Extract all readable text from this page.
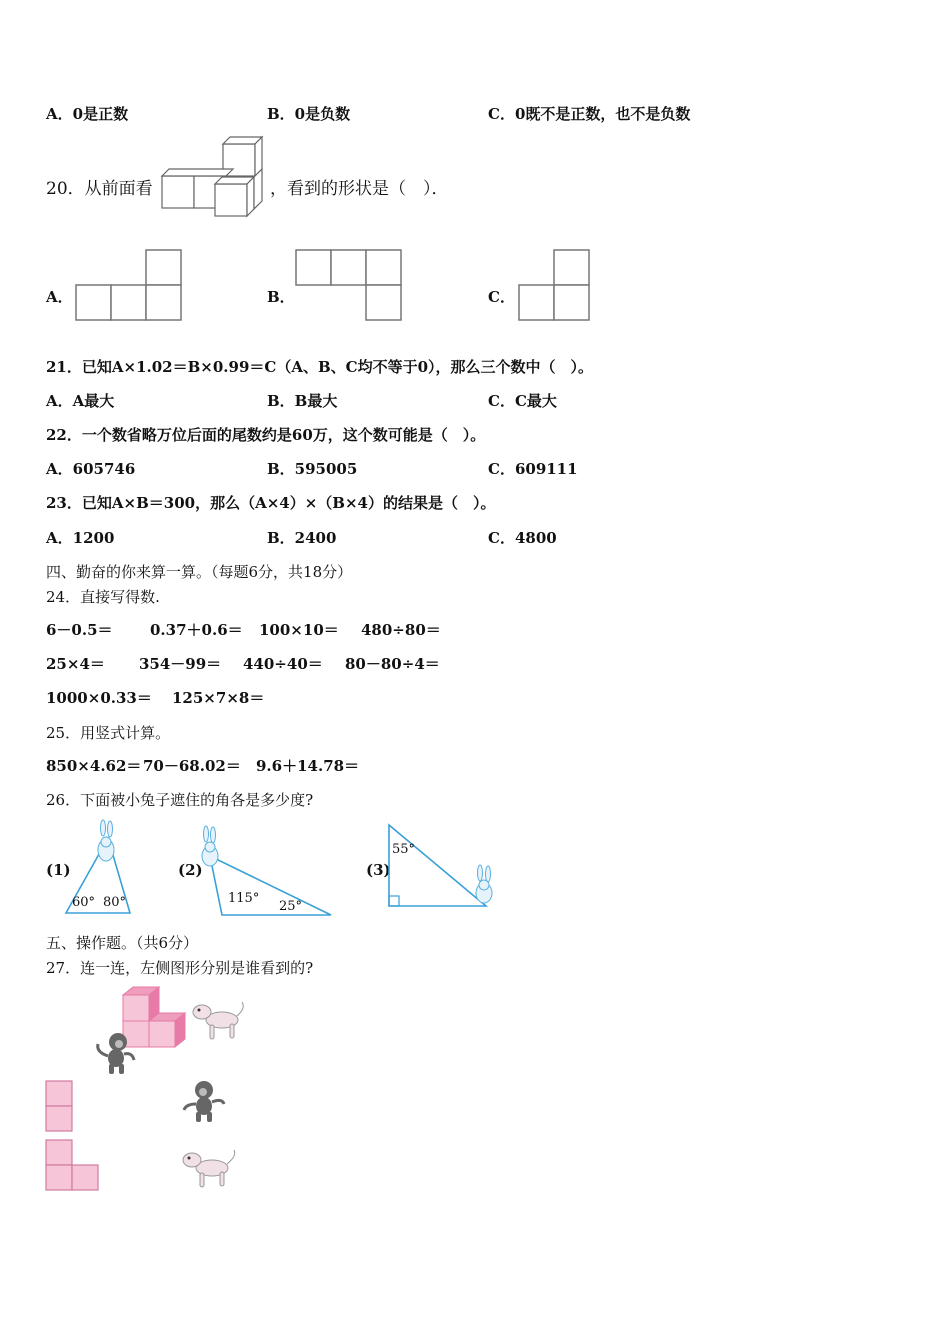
A．0是正数	B．0是负数	C．0既不是正数，也不是负数
20．从前面看	，看到的形状是（　）．
A．	B．	C．
21．已知A×1.02＝B×0.99＝C（A、B、C均不等于0），那么三个数中（　）。
A．A最大	B．B最大	C．C最大
22．一个数省略万位后面的尾数约是60万，这个数可能是（　）。
A．605746	B．595005	C．609111
23．已知A×B＝300，那么（A×4）×（B×4）的结果是（　）。
A．1200	B．2400	C．4800
四、勤奋的你来算一算。（每题6分，共18分）
24．直接写得数.
6－0.5＝ 0.37＋0.6＝ 100×10＝ 480÷80＝
25×4＝ 354－99＝ 440÷40＝ 80－80÷4＝
1000×0.33＝ 125×7×8＝
25．用竖式计算。
850×4.62＝ 70－68.02＝ 9.6＋14.78＝
26．下面被小兔子遮住的角各是多少度?
(1)
60° 80°
(2)
115°
25°
(3)
55°
五、操作题。（共6分）
27．连一连，左侧图形分别是谁看到的?
